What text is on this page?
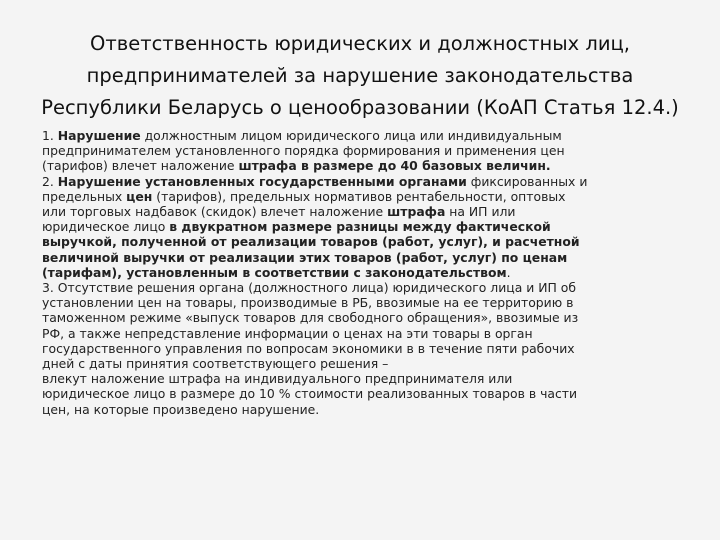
Ответственность юридических и должностных лиц,
предпринимателей за нарушение законодательства
Республики Беларусь о ценообразовании (КоАП Статья 12.4.)
1. Нарушение должностным лицом юридического лица или индивидуальным
предпринимателем установленного порядка формирования и применения цен
(тарифов) влечет наложение штрафа в размере до 40 базовых величин.
2. Нарушение установленных государственными органами фиксированных и
предельных цен (тарифов), предельных нормативов рентабельности, оптовых
или торговых надбавок (скидок) влечет наложение штрафа на ИП или
юридическое лицо в двукратном размере разницы между фактической
выручкой, полученной от реализации товаров (работ, услуг), и расчетной
величиной выручки от реализации этих товаров (работ, услуг) по ценам
(тарифам), установленным в соответствии с законодательством.
3. Отсутствие решения органа (должностного лица) юридического лица и ИП об
установлении цен на товары, производимые в РБ, ввозимые на ее территорию в
таможенном режиме «выпуск товаров для свободного обращения», ввозимые из
РФ, а также непредставление информации о ценах на эти товары в орган
государственного управления по вопросам экономики в в течение пяти рабочих
дней с даты принятия соответствующего решения –
влекут наложение штрафа на индивидуального предпринимателя или
юридическое лицо в размере до 10 % стоимости реализованных товаров в части
цен, на которые произведено нарушение.
